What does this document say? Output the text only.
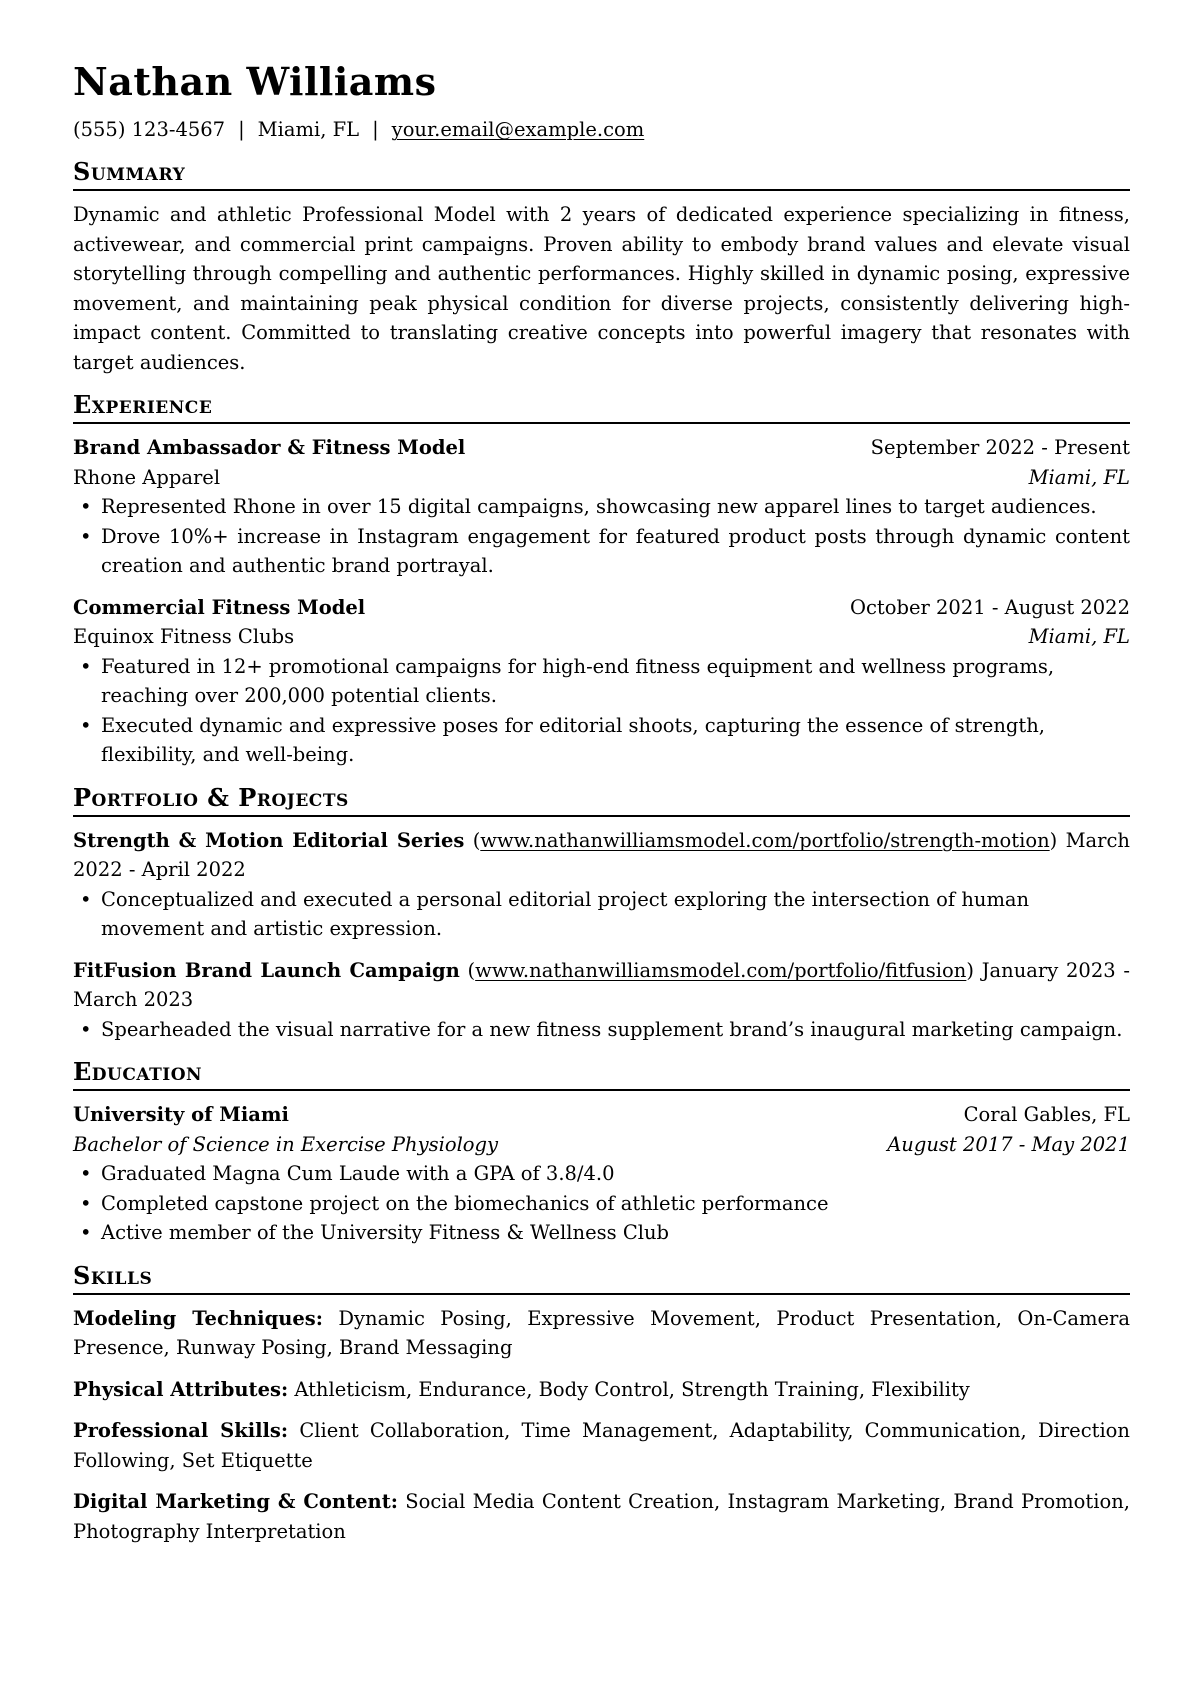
Nathan Williams
(555) 123-4567 | Miami, FL | your.email@example.com
Summary

Dynamic and athletic Professional Model with 2 years of dedicated experience specializing in fitness, activewear, and commercial print campaigns. Proven ability to embody brand values and elevate visual storytelling through compelling and authentic performances. Highly skilled in dynamic posing, expressive movement, and maintaining peak physical condition for diverse projects, consistently delivering high-impact content. Committed to translating creative concepts into powerful imagery that resonates with target audiences.

Experience
Brand Ambassador & Fitness Model	September 2022 - Present
Rhone Apparel	Miami, FL
• Represented Rhone in over 15 digital campaigns, showcasing new apparel lines to target audiences.
• Drove 10%+ increase in Instagram engagement for featured product posts through dynamic content creation and authentic brand portrayal.
Commercial Fitness Model	October 2021 - August 2022
Equinox Fitness Clubs	Miami, FL
• Featured in 12+ promotional campaigns for high-end fitness equipment and wellness programs, reaching over 200,000 potential clients.
• Executed dynamic and expressive poses for editorial shoots, capturing the essence of strength, flexibility, and well-being.
Portfolio & Projects
Strength & Motion Editorial Series (www.nathanwilliamsmodel.com/portfolio/strength-motion) March 2022 - April 2022
• Conceptualized and executed a personal editorial project exploring the intersection of human movement and artistic expression.
FitFusion Brand Launch Campaign (www.nathanwilliamsmodel.com/portfolio/fitfusion) January 2023 - March 2023
• Spearheaded the visual narrative for a new fitness supplement brand’s inaugural marketing campaign.
Education
University of Miami	Coral Gables, FL
Bachelor of Science in Exercise Physiology	August 2017 - May 2021
• Graduated Magna Cum Laude with a GPA of 3.8/4.0
• Completed capstone project on the biomechanics of athletic performance
• Active member of the University Fitness & Wellness Club
Skills
Modeling Techniques: Dynamic Posing, Expressive Movement, Product Presentation, On-Camera Presence, Runway Posing, Brand Messaging
Physical Attributes: Athleticism, Endurance, Body Control, Strength Training, Flexibility
Professional Skills: Client Collaboration, Time Management, Adaptability, Communication, Direction Following, Set Etiquette
Digital Marketing & Content: Social Media Content Creation, Instagram Marketing, Brand Promotion, Photography Interpretation
